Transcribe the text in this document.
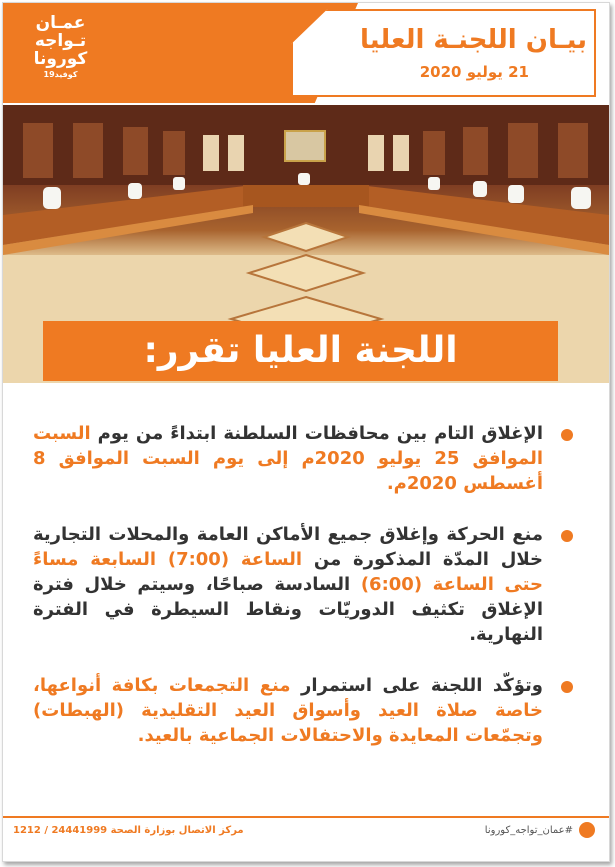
عمـان
تـواجه
كورونا
كوفيد19
بيـان اللجنـة العليا
21 يوليو 2020
اللجنة العليا تقرر:
الإغلاق التام بين محافظات السلطنة ابتداءً من يوم السبت الموافق 25 يوليو 2020م إلى يوم السبت الموافق 8 أغسطس 2020م.
منع الحركة وإغلاق جميع الأماكن العامة والمحلات التجارية خلال المدّة المذكورة من الساعة (7:00) السابعة مساءً حتى الساعة (6:00) السادسة صباحًا، وسيتم خلال فترة الإغلاق تكثيف الدوريّات ونقاط السيطرة في الفترة النهارية.
وتؤكّد اللجنة على استمرار منع التجمعات بكافة أنواعها، خاصة صلاة العيد وأسواق العيد التقليدية (الهبطات) وتجمّعات المعايدة والاحتفالات الجماعية بالعيد.
مركز الاتصال بوزارة الصحة 24441999 / 1212	#عمان_تواجه_كورونا
